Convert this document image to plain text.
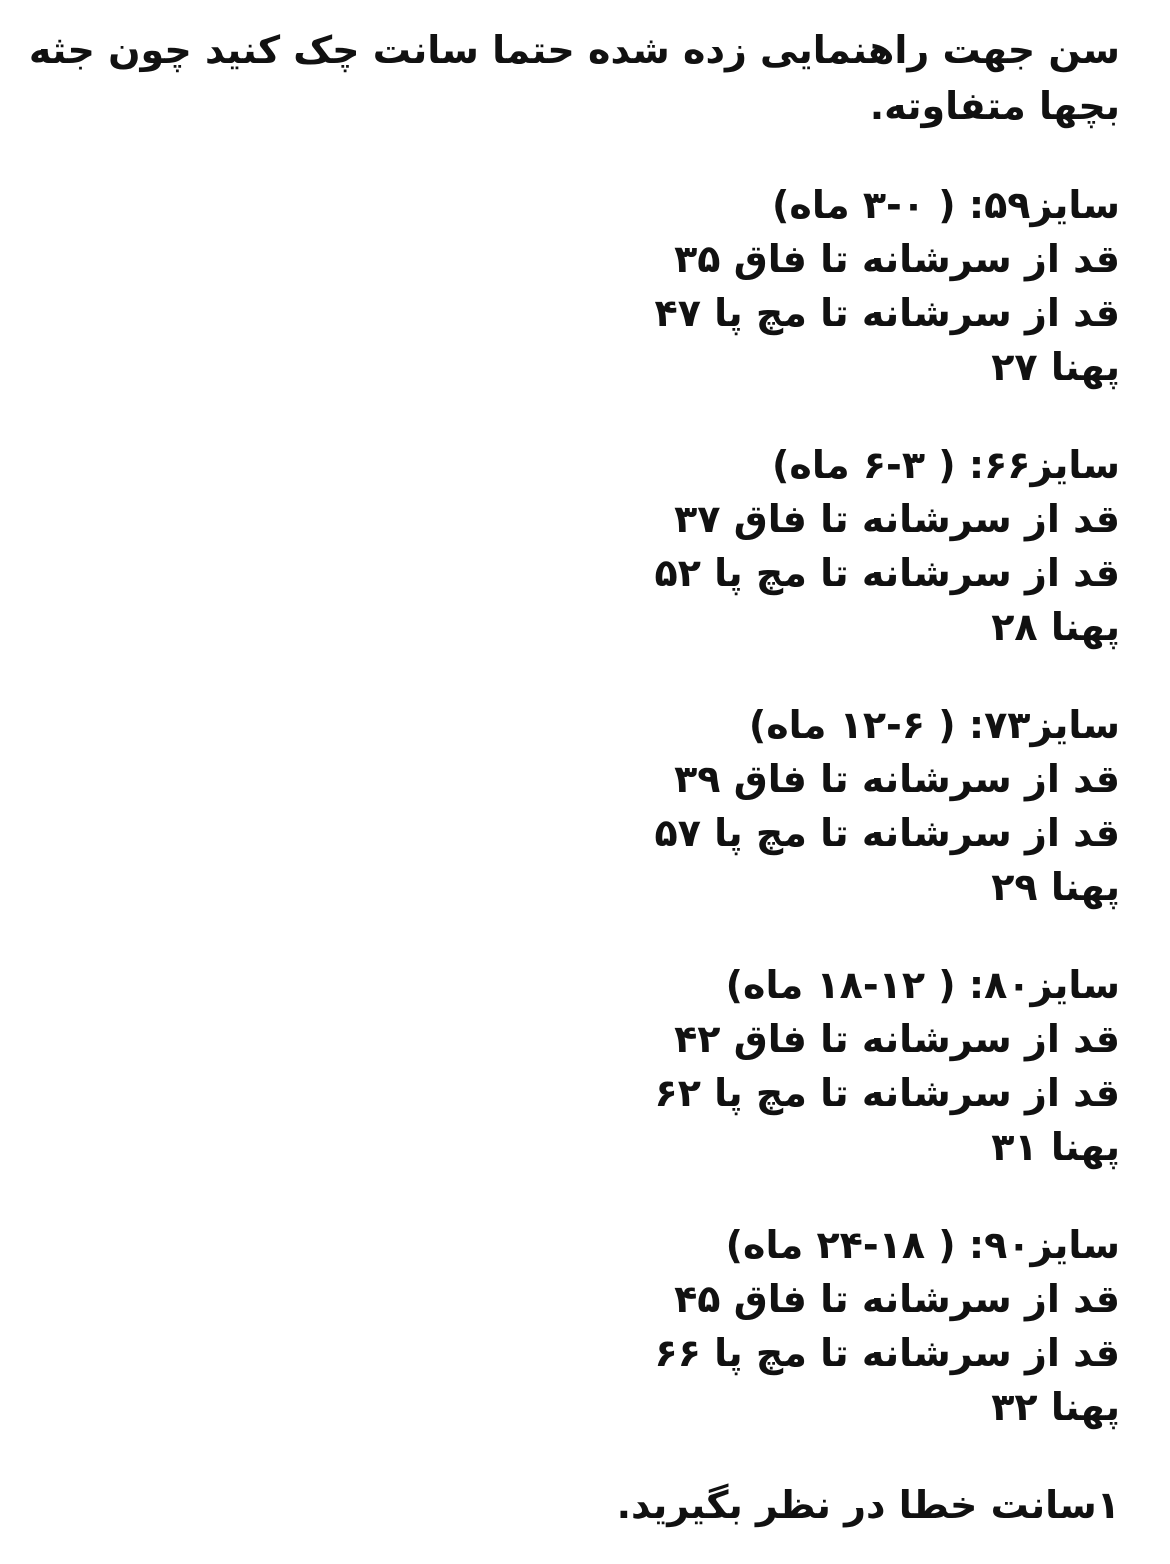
سن جهت راهنمایی زده شده حتما سانت چک کنید چون جثه
بچها متفاوته.
سایز۵۹: ( ۰-۳ ماه)
قد از سرشانه تا فاق ۳۵
قد از سرشانه تا مچ پا ۴۷
پهنا ۲۷
سایز۶۶: ( ۳-۶ ماه)
قد از سرشانه تا فاق ۳۷
قد از سرشانه تا مچ پا ۵۲
پهنا ۲۸
سایز۷۳: ( ۶-۱۲ ماه)
قد از سرشانه تا فاق ۳۹
قد از سرشانه تا مچ پا ۵۷
پهنا ۲۹
سایز۸۰: ( ۱۲-۱۸ ماه)
قد از سرشانه تا فاق ۴۲
قد از سرشانه تا مچ پا ۶۲
پهنا ۳۱
سایز۹۰: ( ۱۸-۲۴ ماه)
قد از سرشانه تا فاق ۴۵
قد از سرشانه تا مچ پا ۶۶
پهنا ۳۲
۱سانت خطا در نظر بگیرید.
